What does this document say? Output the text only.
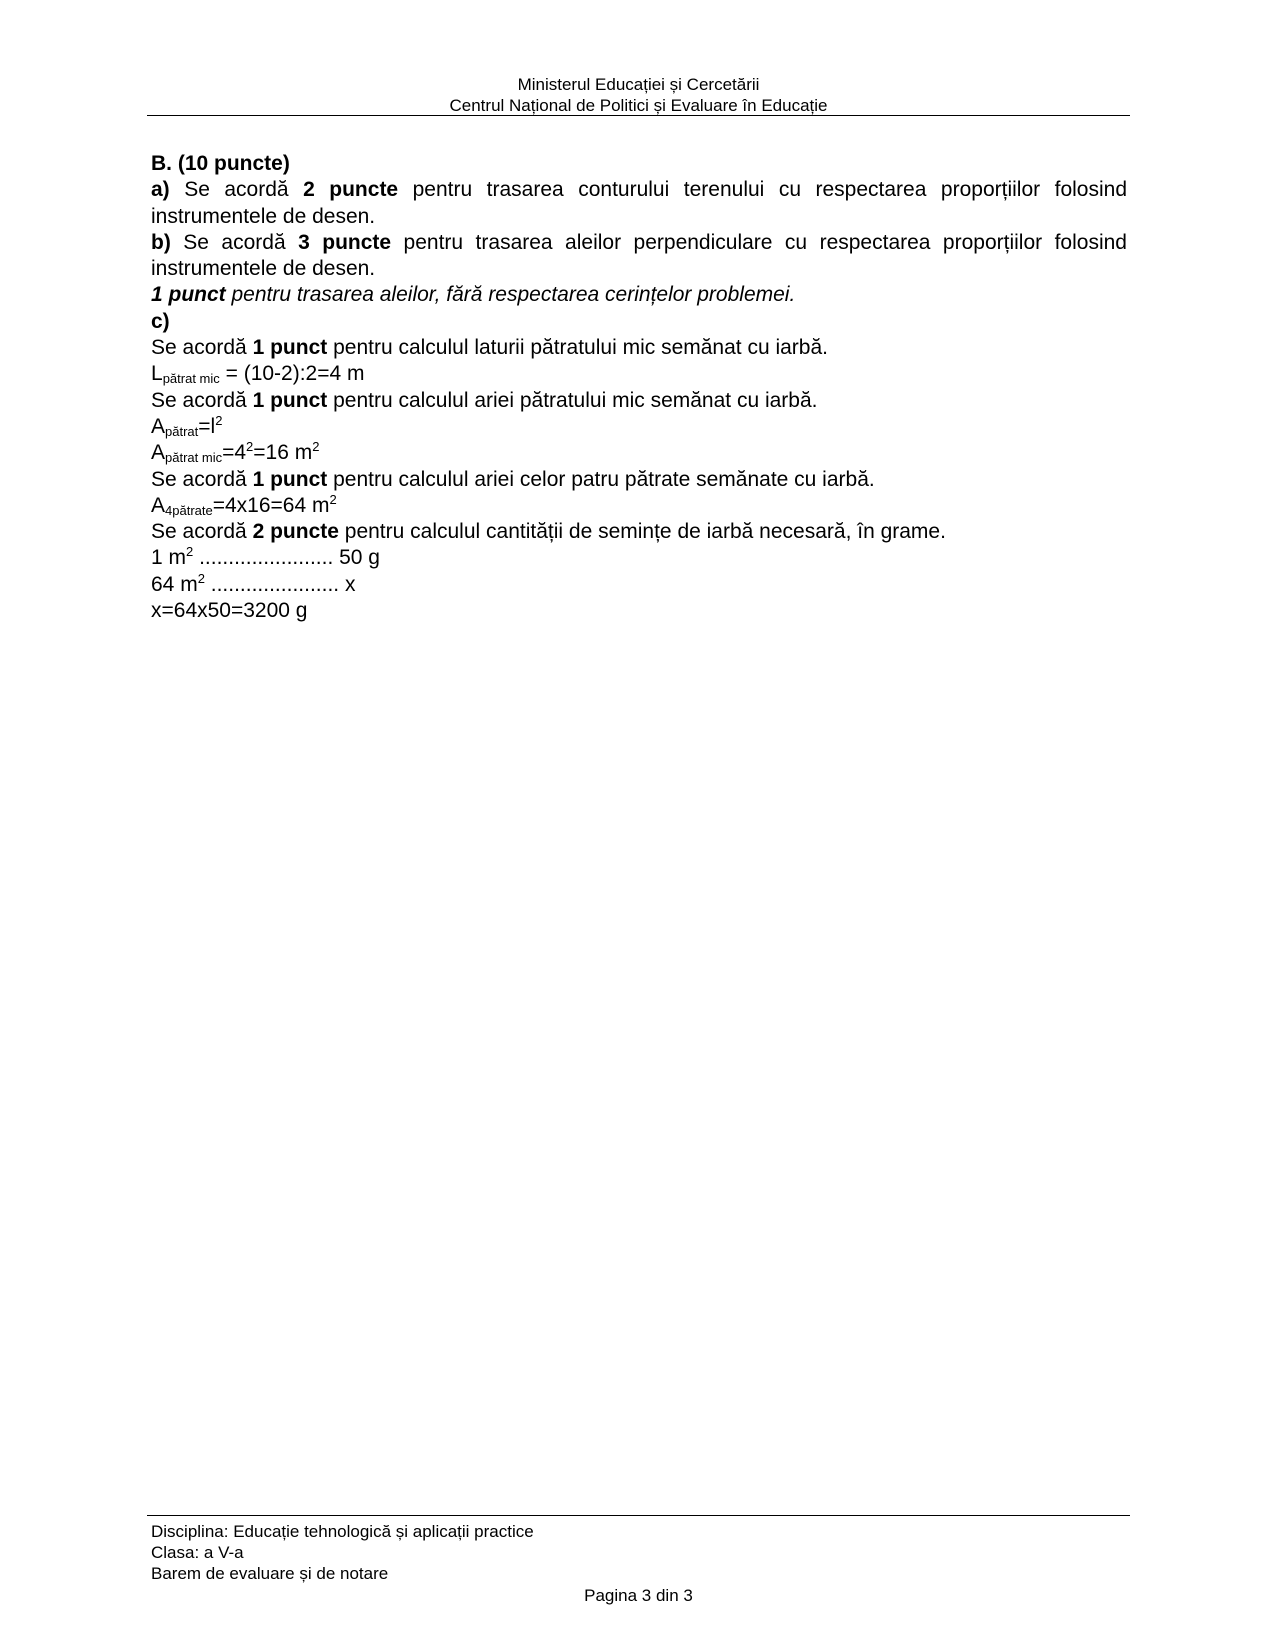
Ministerul Educației și Cercetării
Centrul Național de Politici și Evaluare în Educație

B. (10 puncte)

a) Se acordă 2 puncte pentru trasarea conturului terenului cu respectarea proporțiilor folosind instrumentele de desen.

b) Se acordă 3 puncte pentru trasarea aleilor perpendiculare cu respectarea proporțiilor folosind instrumentele de desen.

1 punct pentru trasarea aleilor, fără respectarea cerințelor problemei.

c)

Se acordă 1 punct pentru calculul laturii pătratului mic semănat cu iarbă.

$L_{pătrat mic}$ = (10-2):2=4 m

Se acordă 1 punct pentru calculul ariei pătratului mic semănat cu iarbă.

$A_{pătrat}=l^2$

$A_{pătrat mic}=4^2=16$ $m^2$

Se acordă 1 punct pentru calculul ariei celor patru pătrate semănate cu iarbă.

$A_{4pătrate}=4x16=64$ $m^2$

Se acordă 2 puncte pentru calculul cantității de semințe de iarbă necesară, în grame.

1 $m^2$ ....................... 50 g

64 $m^2$ ...................... x

x=64x50=3200 g

Disciplina: Educație tehnologică și aplicații practice

Clasa: a V-a

Barem de evaluare și de notare

Pagina 3 din 3
